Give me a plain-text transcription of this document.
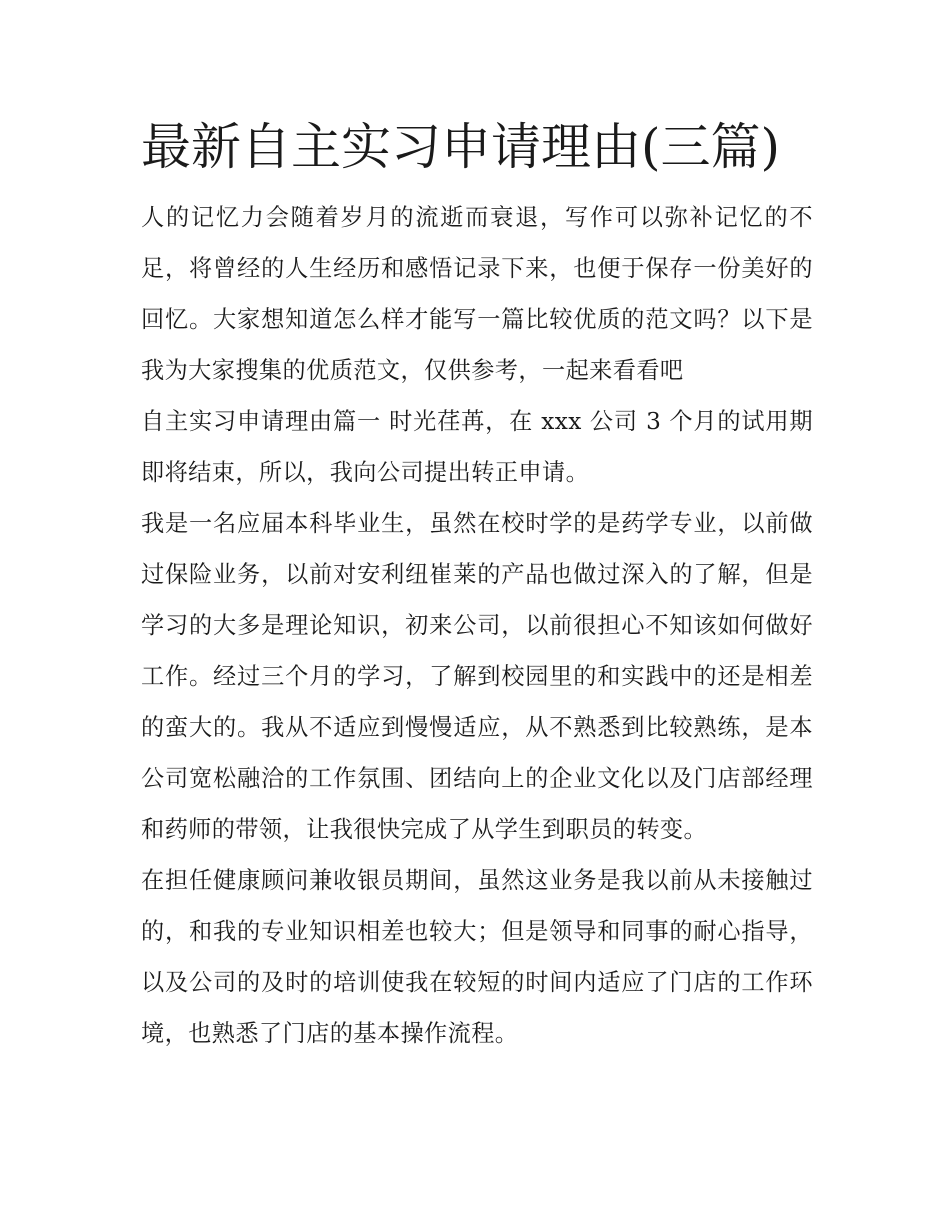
最新自主实习申请理由(三篇)

人的记忆力会随着岁月的流逝而衰退，写作可以弥补记忆的不足，将曾经的人生经历和感悟记录下来，也便于保存一份美好的回忆。大家想知道怎么样才能写一篇比较优质的范文吗？以下是我为大家搜集的优质范文，仅供参考，一起来看看吧

自主实习申请理由篇一 时光荏苒，在 xxx 公司 3 个月的试用期即将结束，所以，我向公司提出转正申请。

我是一名应届本科毕业生，虽然在校时学的是药学专业，以前做过保险业务，以前对安利纽崔莱的产品也做过深入的了解，但是学习的大多是理论知识，初来公司，以前很担心不知该如何做好工作。经过三个月的学习，了解到校园里的和实践中的还是相差的蛮大的。我从不适应到慢慢适应，从不熟悉到比较熟练，是本公司宽松融洽的工作氛围、团结向上的企业文化以及门店部经理和药师的带领，让我很快完成了从学生到职员的转变。

在担任健康顾问兼收银员期间，虽然这业务是我以前从未接触过的，和我的专业知识相差也较大；但是领导和同事的耐心指导，以及公司的及时的培训使我在较短的时间内适应了门店的工作环境，也熟悉了门店的基本操作流程。
